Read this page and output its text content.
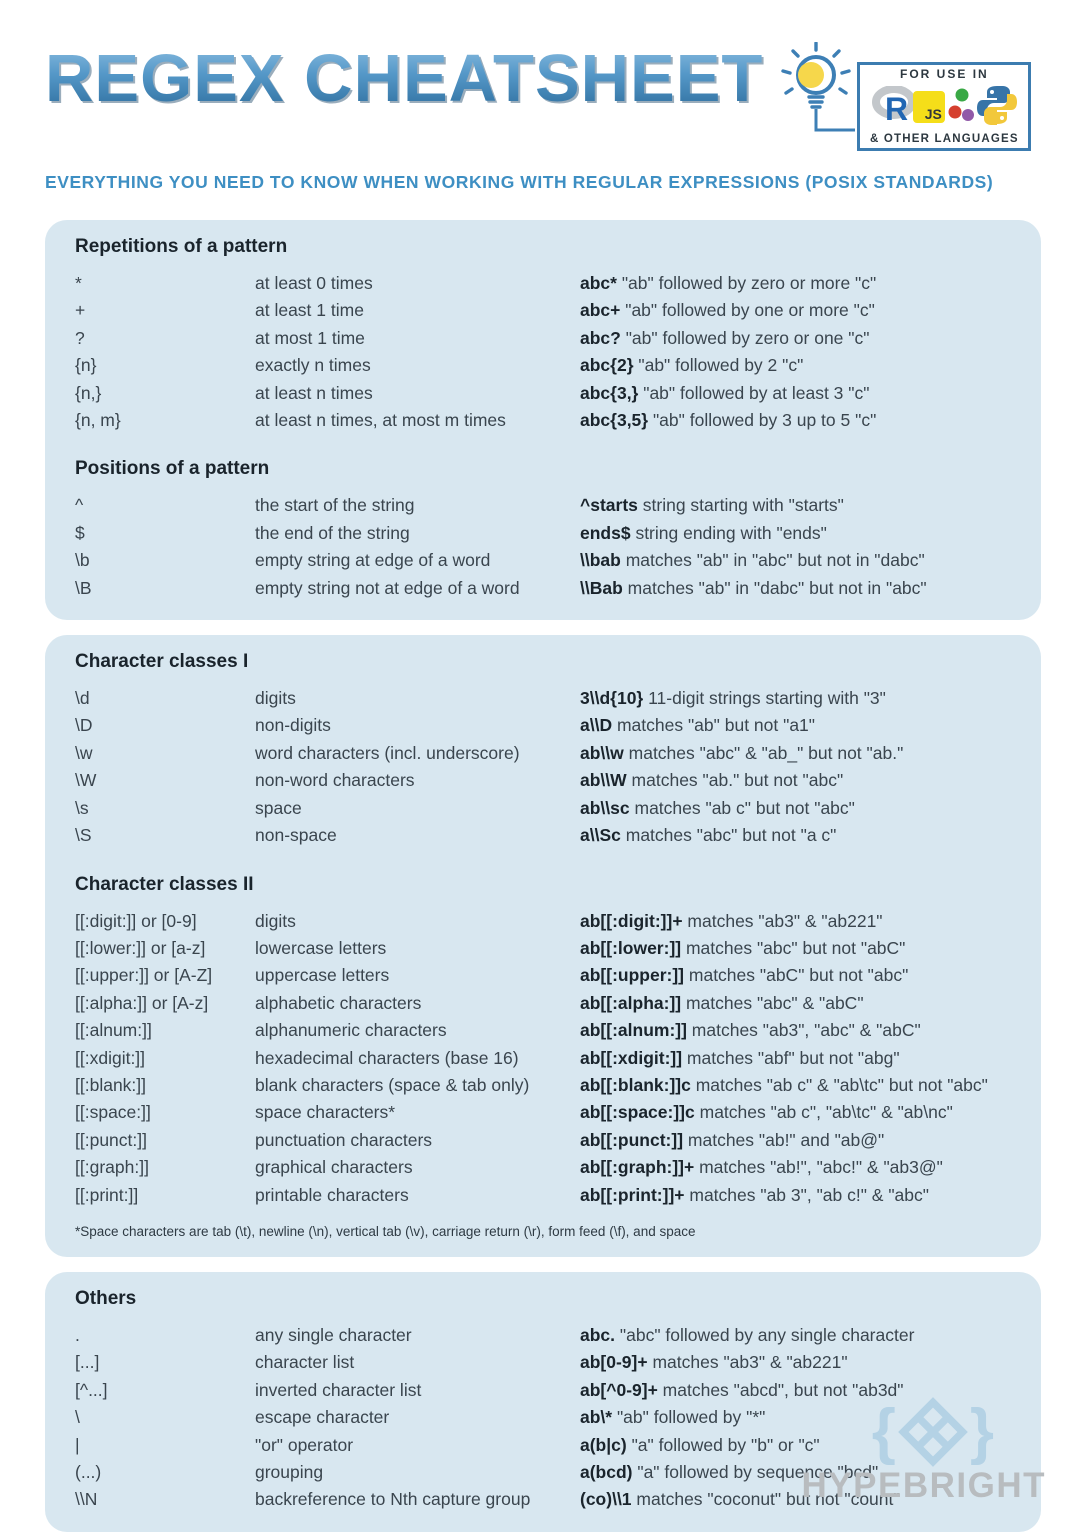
REGEX CHEATSHEET	FOR USE IN
R JS
& OTHER LANGUAGES
EVERYTHING YOU NEED TO KNOW WHEN WORKING WITH REGULAR EXPRESSIONS (POSIX STANDARDS)
Repetitions of a pattern
*	at least 0 times	abc* "ab" followed by zero or more "c"
+	at least 1 time	abc+ "ab" followed by one or more "c"
?	at most 1 time	abc? "ab" followed by zero or one "c"
{n}	exactly n times	abc{2} "ab" followed by 2 "c"
{n,}	at least n times	abc{3,} "ab" followed by at least 3 "c"
{n, m}	at least n times, at most m times	abc{3,5} "ab" followed by 3 up to 5 "c"
Positions of a pattern
^	the start of the string	^starts string starting with "starts"
$	the end of the string	ends$ string ending with "ends"
\b	empty string at edge of a word	\\bab matches "ab" in "abc" but not in "dabc"
\B	empty string not at edge of a word	\\Bab matches "ab" in "dabc" but not in "abc"
Character classes I
\d	digits	3\\d{10} 11-digit strings starting with "3"
\D	non-digits	a\\D matches "ab" but not "a1"
\w	word characters (incl. underscore)	ab\\w matches "abc" & "ab_" but not "ab."
\W	non-word characters	ab\\W matches "ab." but not "abc"
\s	space	ab\\sc matches "ab c" but not "abc"
\S	non-space	a\\Sc matches "abc" but not "a c"
Character classes II
[[:digit:]] or [0-9]	digits	ab[[:digit:]]+ matches "ab3" & "ab221"
[[:lower:]] or [a-z]	lowercase letters	ab[[:lower:]] matches "abc" but not "abC"
[[:upper:]] or [A-Z]	uppercase letters	ab[[:upper:]] matches "abC" but not "abc"
[[:alpha:]] or [A-z]	alphabetic characters	ab[[:alpha:]] matches "abc" & "abC"
[[:alnum:]]	alphanumeric characters	ab[[:alnum:]] matches "ab3", "abc" & "abC"
[[:xdigit:]]	hexadecimal characters (base 16)	ab[[:xdigit:]] matches "abf" but not "abg"
[[:blank:]]	blank characters (space & tab only)	ab[[:blank:]]c matches "ab c" & "ab\tc" but not "abc"
[[:space:]]	space characters*	ab[[:space:]]c matches "ab c", "ab\tc" & "ab\nc"
[[:punct:]]	punctuation characters	ab[[:punct:]] matches "ab!" and "ab@"
[[:graph:]]	graphical characters	ab[[:graph:]]+ matches "ab!", "abc!" & "ab3@"
[[:print:]]	printable characters	ab[[:print:]]+ matches "ab 3", "ab c!" & "abc"
*Space characters are tab (\t), newline (\n), vertical tab (\v), carriage return (\r), form feed (\f), and space
Others
.	any single character	abc. "abc" followed by any single character
[...]	character list	ab[0-9]+ matches "ab3" & "ab221"
[^...]	inverted character list	ab[^0-9]+ matches "abcd", but not "ab3d"
\	escape character	ab\* "ab" followed by "*"
|	"or" operator	a(b|c) "a" followed by "b" or "c"
(...)	grouping	a(bcd) "a" followed by sequence "bcd"
\\N	backreference to Nth capture group	(co)\\1 matches "coconut" but not "count"
{ }
HYPEBRIGHT
